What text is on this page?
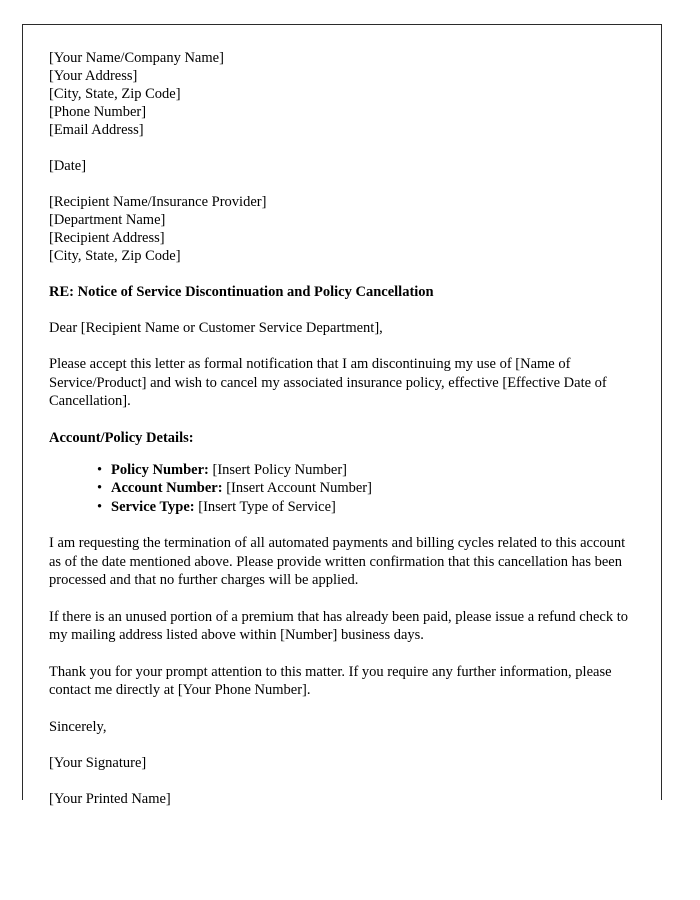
[Your Name/Company Name]

[Your Address]

[City, State, Zip Code]

[Phone Number]

[Email Address]

[Date]

[Recipient Name/Insurance Provider]

[Department Name]

[Recipient Address]

[City, State, Zip Code]

RE: Notice of Service Discontinuation and Policy Cancellation

Dear [Recipient Name or Customer Service Department],

Please accept this letter as formal notification that I am discontinuing my use of [Name of Service/Product] and wish to cancel my associated insurance policy, effective [Effective Date of Cancellation].

Account/Policy Details:

• Policy Number: [Insert Policy Number]
• Account Number: [Insert Account Number]
• Service Type: [Insert Type of Service]

I am requesting the termination of all automated payments and billing cycles related to this account as of the date mentioned above. Please provide written confirmation that this cancellation has been processed and that no further charges will be applied.

If there is an unused portion of a premium that has already been paid, please issue a refund check to my mailing address listed above within [Number] business days.

Thank you for your prompt attention to this matter. If you require any further information, please contact me directly at [Your Phone Number].

Sincerely,

[Your Signature]

[Your Printed Name]
